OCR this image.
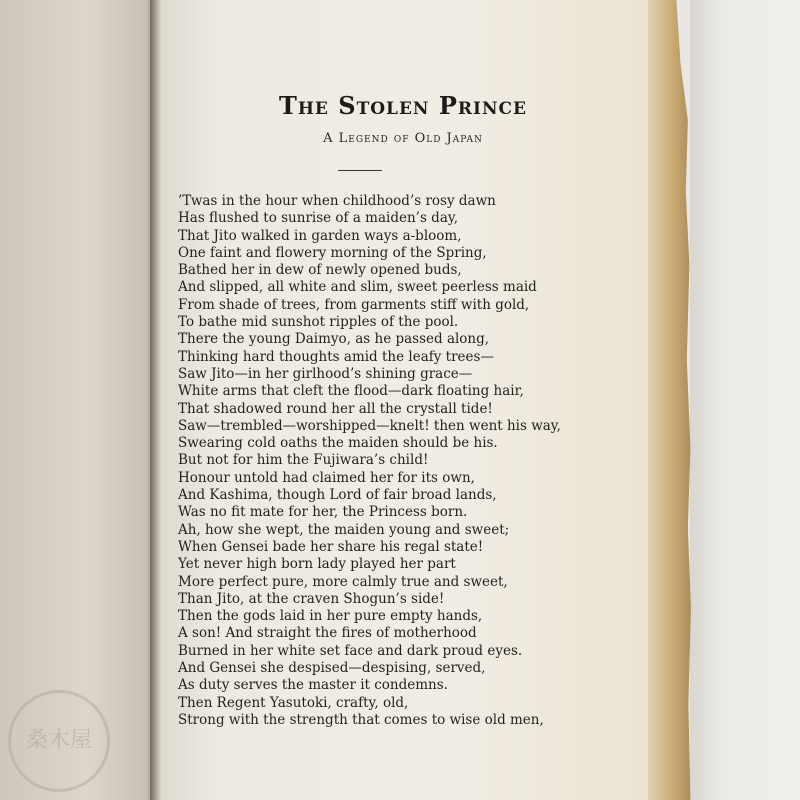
The Stolen Prince
A Legend of Old Japan
’Twas in the hour when childhood’s rosy dawn
Has flushed to sunrise of a maiden’s day,
That Jito walked in garden ways a-bloom,
One faint and flowery morning of the Spring,
Bathed her in dew of newly opened buds,
And slipped, all white and slim, sweet peerless maid
From shade of trees, from garments stiff with gold,
To bathe mid sunshot ripples of the pool.
There the young Daimyo, as he passed along,
Thinking hard thoughts amid the leafy trees—
Saw Jito—in her girlhood’s shining grace—
White arms that cleft the flood—dark floating hair,
That shadowed round her all the crystall tide!
Saw—trembled—worshipped—knelt! then went his way,
Swearing cold oaths the maiden should be his.
But not for him the Fujiwara’s child!
Honour untold had claimed her for its own,
And Kashima, though Lord of fair broad lands,
Was no fit mate for her, the Princess born.
Ah, how she wept, the maiden young and sweet;
When Gensei bade her share his regal state!
Yet never high born lady played her part
More perfect pure, more calmly true and sweet,
Than Jito, at the craven Shogun’s side!
Then the gods laid in her pure empty hands,
A son! And straight the fires of motherhood
Burned in her white set face and dark proud eyes.
And Gensei she despised—despising, served,
As duty serves the master it condemns.
Then Regent Yasutoki, crafty, old,
Strong with the strength that comes to wise old men,
桑木屋
